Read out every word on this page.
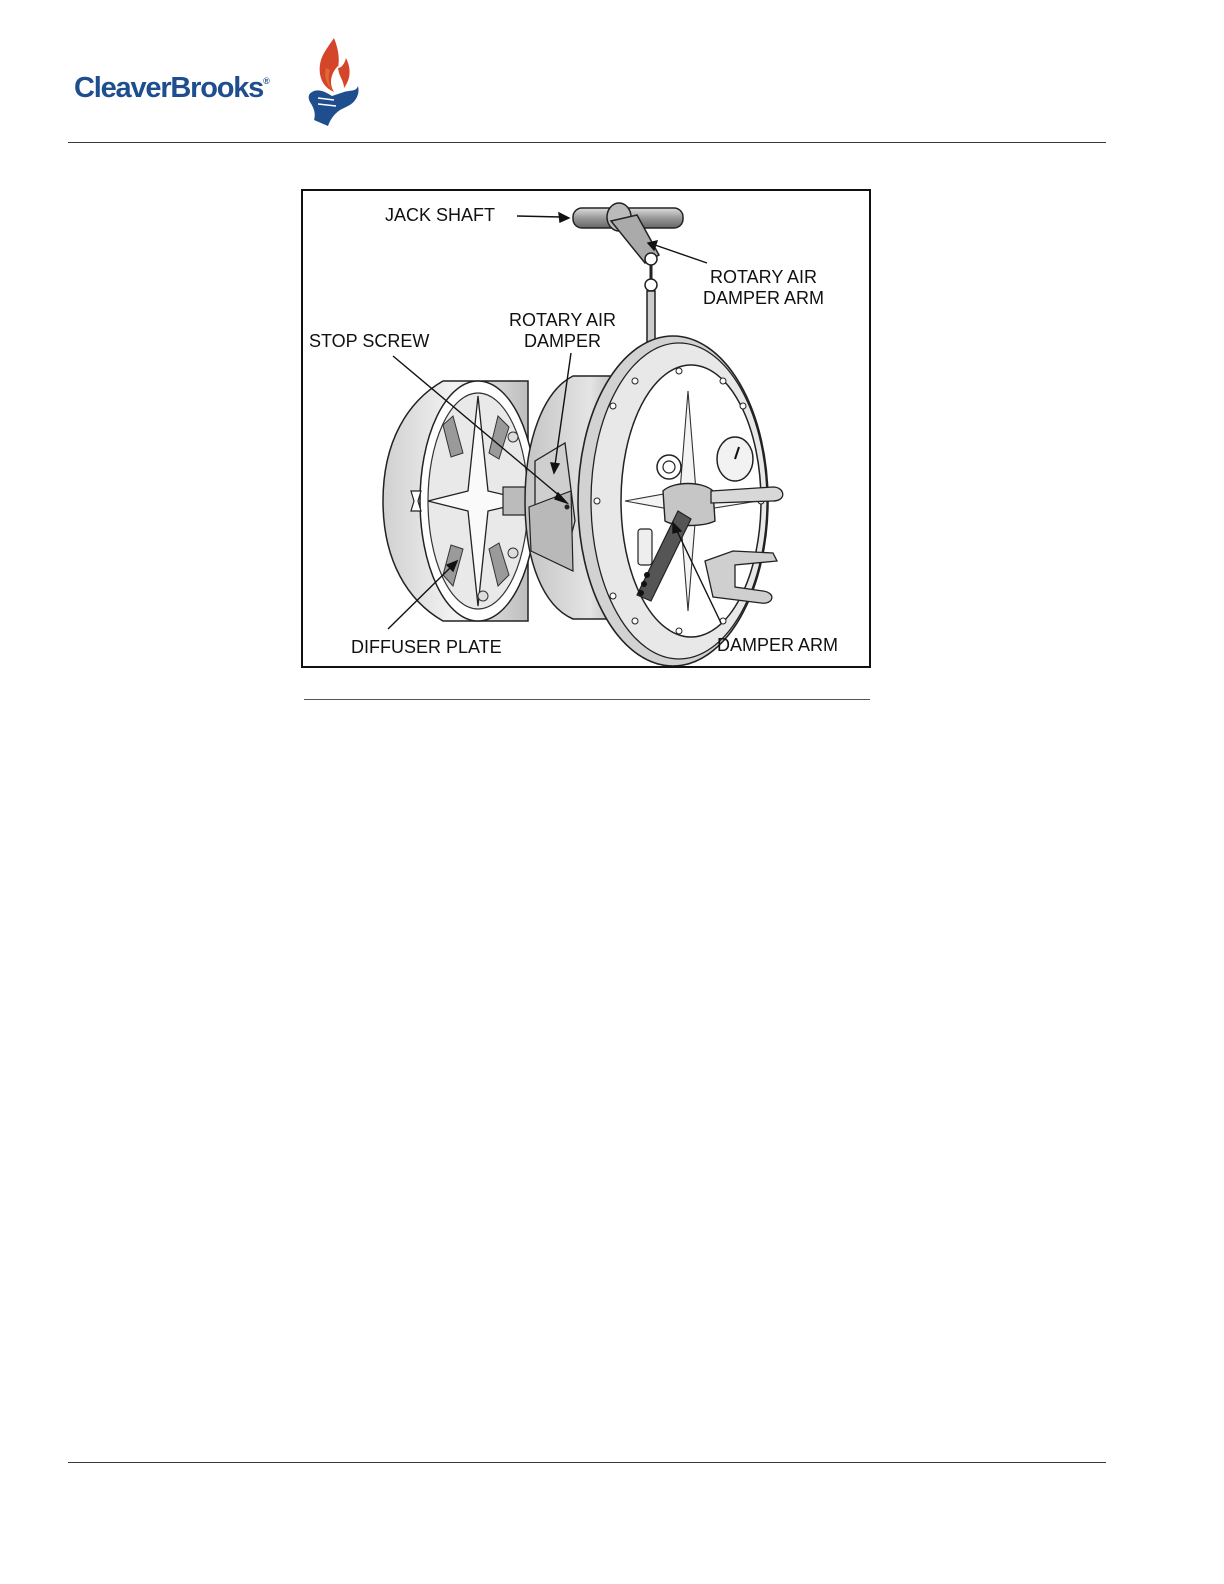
CleaverBrooks®
JACK SHAFT
ROTARY AIR
DAMPER ARM
ROTARY AIR
DAMPER
STOP SCREW
DIFFUSER PLATE	DAMPER ARM
